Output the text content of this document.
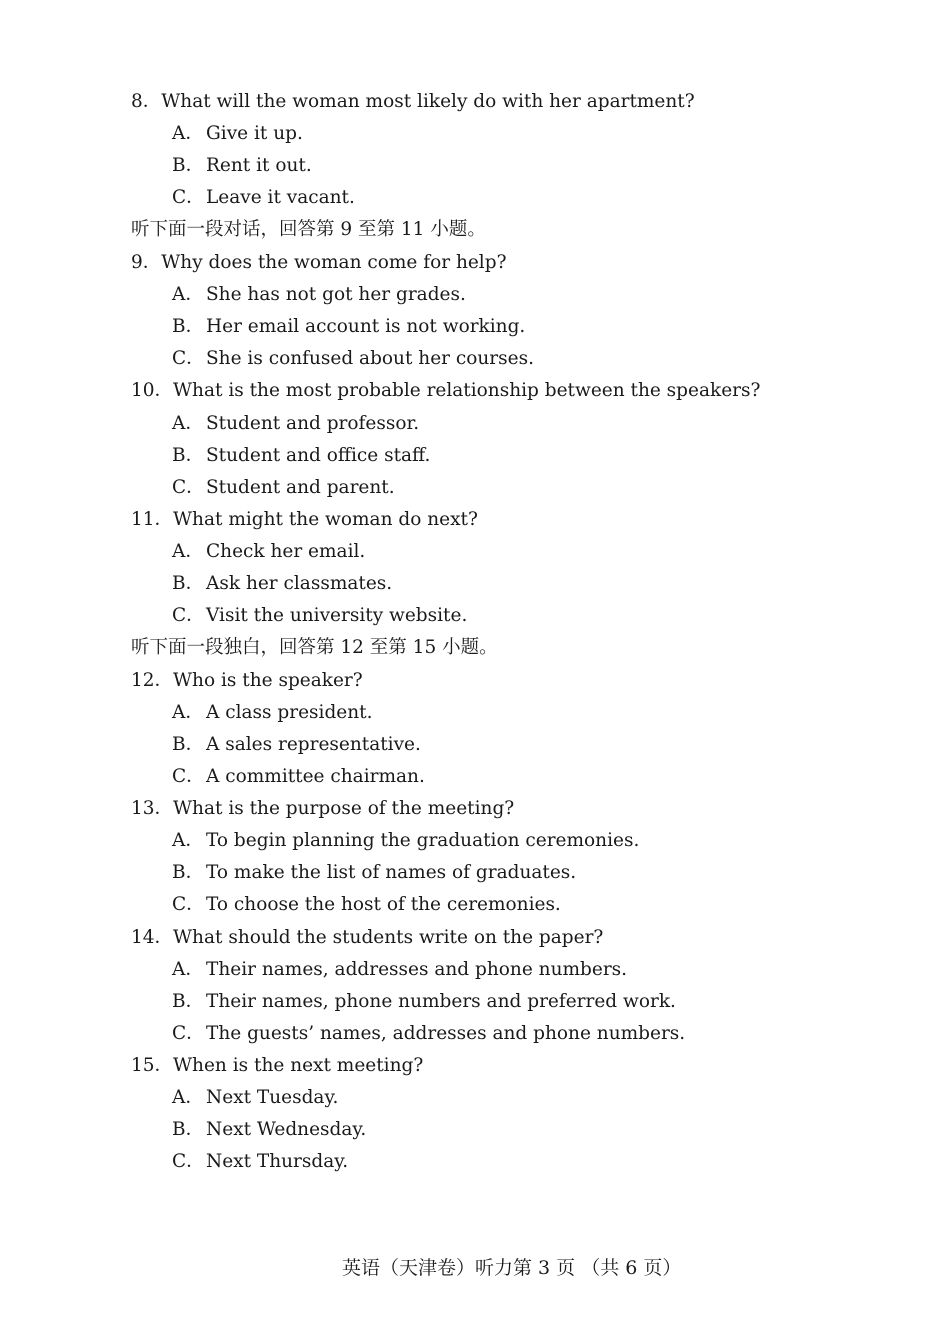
8．What will the woman most likely do with her apartment?
A． Give it up.
B． Rent it out.
C．Leave it vacant.
听下面一段对话，回答第 9 至第 11 小题。
9．Why does the woman come for help?
A． She has not got her grades.
B． Her email account is not working.
C．She is confused about her courses.
10．What is the most probable relationship between the speakers?
A． Student and professor.
B． Student and office staff.
C．Student and parent.
11．What might the woman do next?
A． Check her email.
B． Ask her classmates.
C．Visit the university website.
听下面一段独白，回答第 12 至第 15 小题。
12．Who is the speaker?
A． A class president.
B． A sales representative.
C．A committee chairman.
13．What is the purpose of the meeting?
A． To begin planning the graduation ceremonies.
B． To make the list of names of graduates.
C．To choose the host of the ceremonies.
14．What should the students write on the paper?
A． Their names, addresses and phone numbers.
B． Their names, phone numbers and preferred work.
C．The guests’ names, addresses and phone numbers.
15．When is the next meeting?
A． Next Tuesday.
B． Next Wednesday.
C．Next Thursday.
英语（天津卷）听力第 3 页 （共 6 页）
